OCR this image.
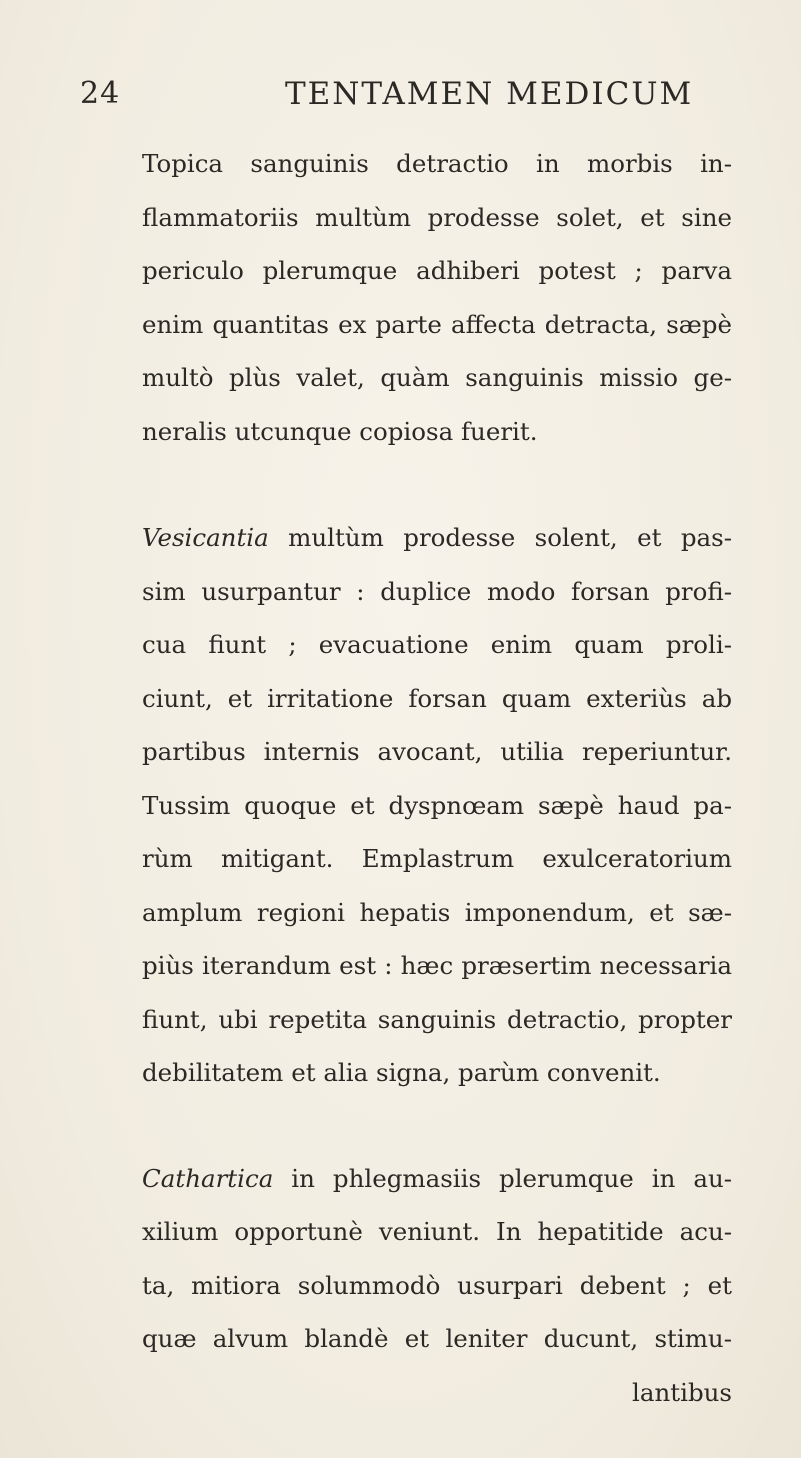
24	TENTAMEN MEDICUM
Topica sanguinis detractio in morbis in-
flammatoriis multùm prodesse solet, et sine
periculo plerumque adhiberi potest ; parva
enim quantitas ex parte affecta detracta, sæpè
multò plùs valet, quàm sanguinis missio ge-
neralis utcunque copiosa fuerit.
Vesicantia multùm prodesse solent, et pas-
sim usurpantur : duplice modo forsan profi-
cua fiunt ; evacuatione enim quam proli-
ciunt, et irritatione forsan quam exteriùs ab
partibus internis avocant, utilia reperiuntur.
Tussim quoque et dyspnœam sæpè haud pa-
rùm mitigant. Emplastrum exulceratorium
amplum regioni hepatis imponendum, et sæ-
piùs iterandum est : hæc præsertim necessaria
fiunt, ubi repetita sanguinis detractio, propter
debilitatem et alia signa, parùm convenit.
Cathartica in phlegmasiis plerumque in au-
xilium opportunè veniunt. In hepatitide acu-
ta, mitiora solummodò usurpari debent ; et
quæ alvum blandè et leniter ducunt, stimu-
lantibus
